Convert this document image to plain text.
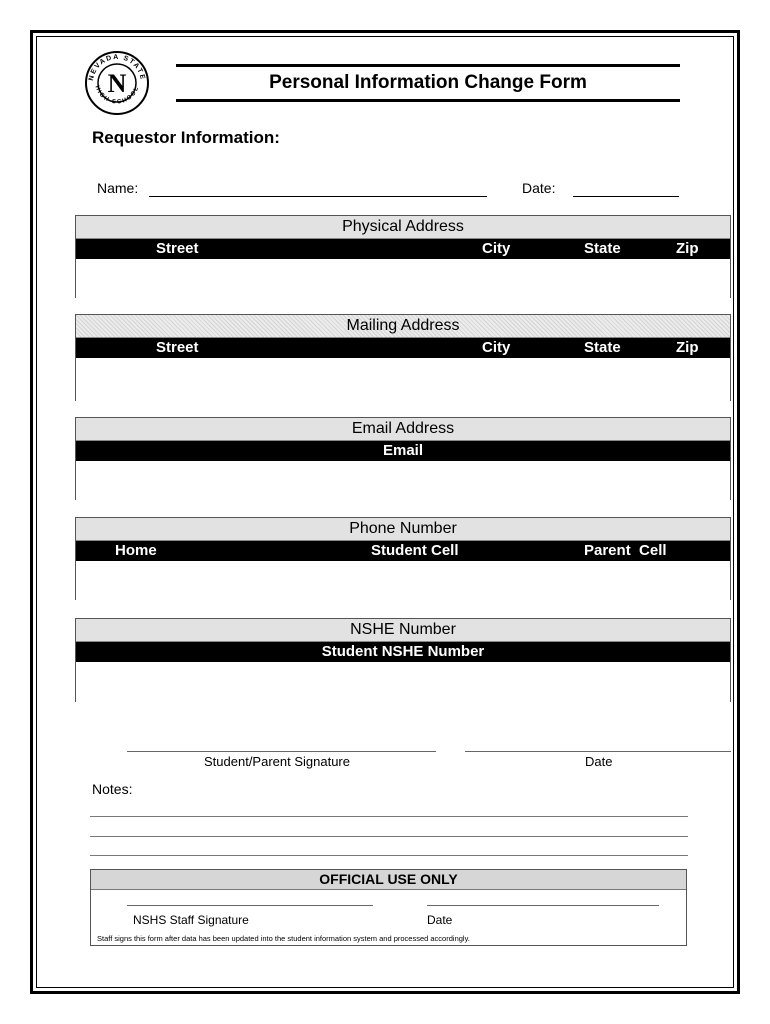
NEVADA STATE
HIGH SCHOOL
N	Personal Information Change Form
Requestor Information:
Name:	Date:
Physical Address
Street	City	State	Zip
Mailing Address
Street	City	State	Zip
Email Address
Email
Phone Number
Home	Student Cell	Parent  Cell
NSHE Number
Student NSHE Number
Student/Parent Signature	Date
Notes:
OFFICIAL USE ONLY
NSHS Staff Signature	Date
Staff signs this form after data has been updated into the student information system and processed accordingly.
